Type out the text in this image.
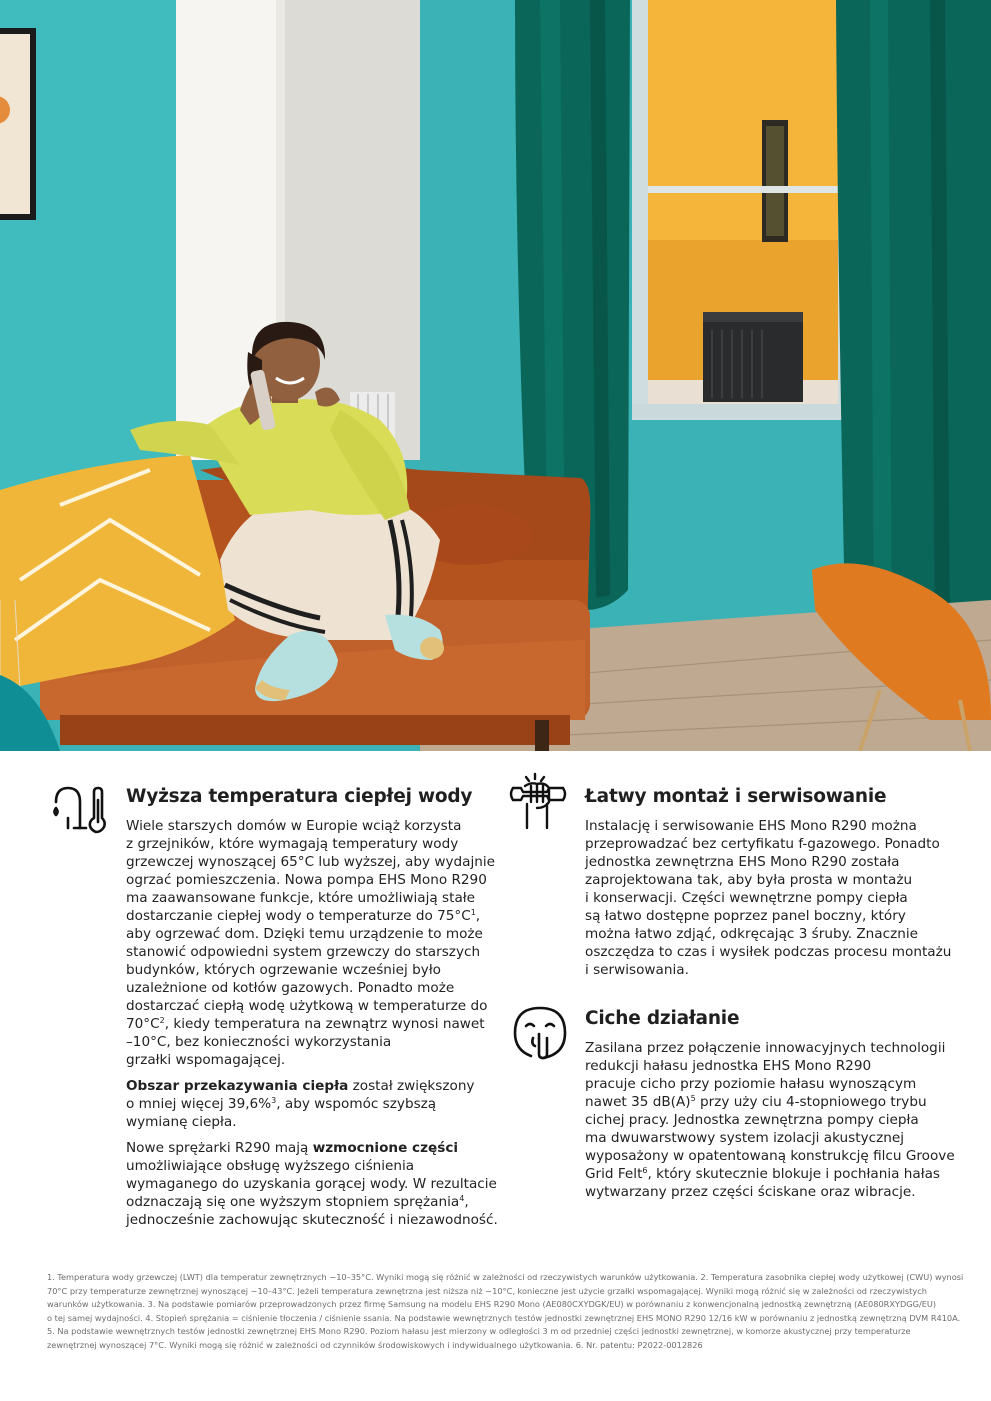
Wyższa temperatura ciepłej wody

Wiele starszych domów w Europie wciąż korzysta
z grzejników, które wymagają temperatury wody
grzewczej wynoszącej 65°C lub wyższej, aby wydajnie
ogrzać pomieszczenia. Nowa pompa EHS Mono R290
ma zaawansowane funkcje, które umożliwiają stałe
dostarczanie ciepłej wody o temperaturze do $75^\circ C^1$,
aby ogrzewać dom. Dzięki temu urządzenie to może
stanowić odpowiedni system grzewczy do starszych
budynków, których ogrzewanie wcześniej było
uzależnione od kotłów gazowych. Ponadto może
dostarczać ciepłą wodę użytkową w temperaturze do
$70^\circ C^2$, kiedy temperatura na zewnątrz wynosi nawet
–10°C, bez konieczności wykorzystania
grzałki wspomagającej.

Obszar przekazywania ciepła został zwiększony
o mniej więcej 39,6%$^3$, aby wspomóc szybszą
wymianę ciepła.

Nowe sprężarki R290 mają wzmocnione części
umożliwiające obsługę wyższego ciśnienia
wymaganego do uzyskania gorącej wody. W rezultacie
odznaczają się one wyższym stopniem sprężania$^4$,
jednocześnie zachowując skuteczność i niezawodność.

Łatwy montaż i serwisowanie
Instalację i serwisowanie EHS Mono R290 można
przeprowadzać bez certyfikatu f-gazowego. Ponadto
jednostka zewnętrzna EHS Mono R290 została
zaprojektowana tak, aby była prosta w montażu
i konserwacji. Części wewnętrzne pompy ciepła
są łatwo dostępne poprzez panel boczny, który
można łatwo zdjąć, odkręcając 3 śruby. Znacznie
oszczędza to czas i wysiłek podczas procesu montażu
i serwisowania.
Ciche działanie
Zasilana przez połączenie innowacyjnych technologii
redukcji hałasu jednostka EHS Mono R290
pracuje cicho przy poziomie hałasu wynoszącym
nawet 35 $dB(A)^5$ przy uży ciu 4-stopniowego trybu
cichej pracy. Jednostka zewnętrzna pompy ciepła
ma dwuwarstwowy system izolacji akustycznej
wyposażony w opatentowaną konstrukcję filcu Groove
Grid Felt$^6$, który skutecznie blokuje i pochłania hałas
wytwarzany przez części ściskane oraz wibracje.
1. Temperatura wody grzewczej (LWT) dla temperatur zewnętrznych −10–35°C. Wyniki mogą się różnić w zależności od rzeczywistych warunków użytkowania. 2. Temperatura zasobnika ciepłej wody użytkowej (CWU) wynosi
70°C przy temperaturze zewnętrznej wynoszącej −10–43°C. Jeżeli temperatura zewnętrzna jest niższa niż −10°C, konieczne jest użycie grzałki wspomagającej. Wyniki mogą różnić się w zależności od rzeczywistych
warunków użytkowania. 3. Na podstawie pomiarów przeprowadzonych przez firmę Samsung na modelu EHS R290 Mono (AE080CXYDGK/EU) w porównaniu z konwencjonalną jednostką zewnętrzną (AE080RXYDGG/EU)
o tej samej wydajności. 4. Stopień sprężania = ciśnienie tłoczenia / ciśnienie ssania. Na podstawie wewnętrznych testów jednostki zewnętrznej EHS MONO R290 12/16 kW w porównaniu z jednostką zewnętrzną DVM R410A.
5. Na podstawie wewnętrznych testów jednostki zewnętrznej EHS Mono R290. Poziom hałasu jest mierzony w odległości 3 m od przedniej części jednostki zewnętrznej, w komorze akustycznej przy temperaturze
zewnętrznej wynoszącej 7°C. Wyniki mogą się różnić w zależności od czynników środowiskowych i indywidualnego użytkowania. 6. Nr. patentu: P2022-0012826
